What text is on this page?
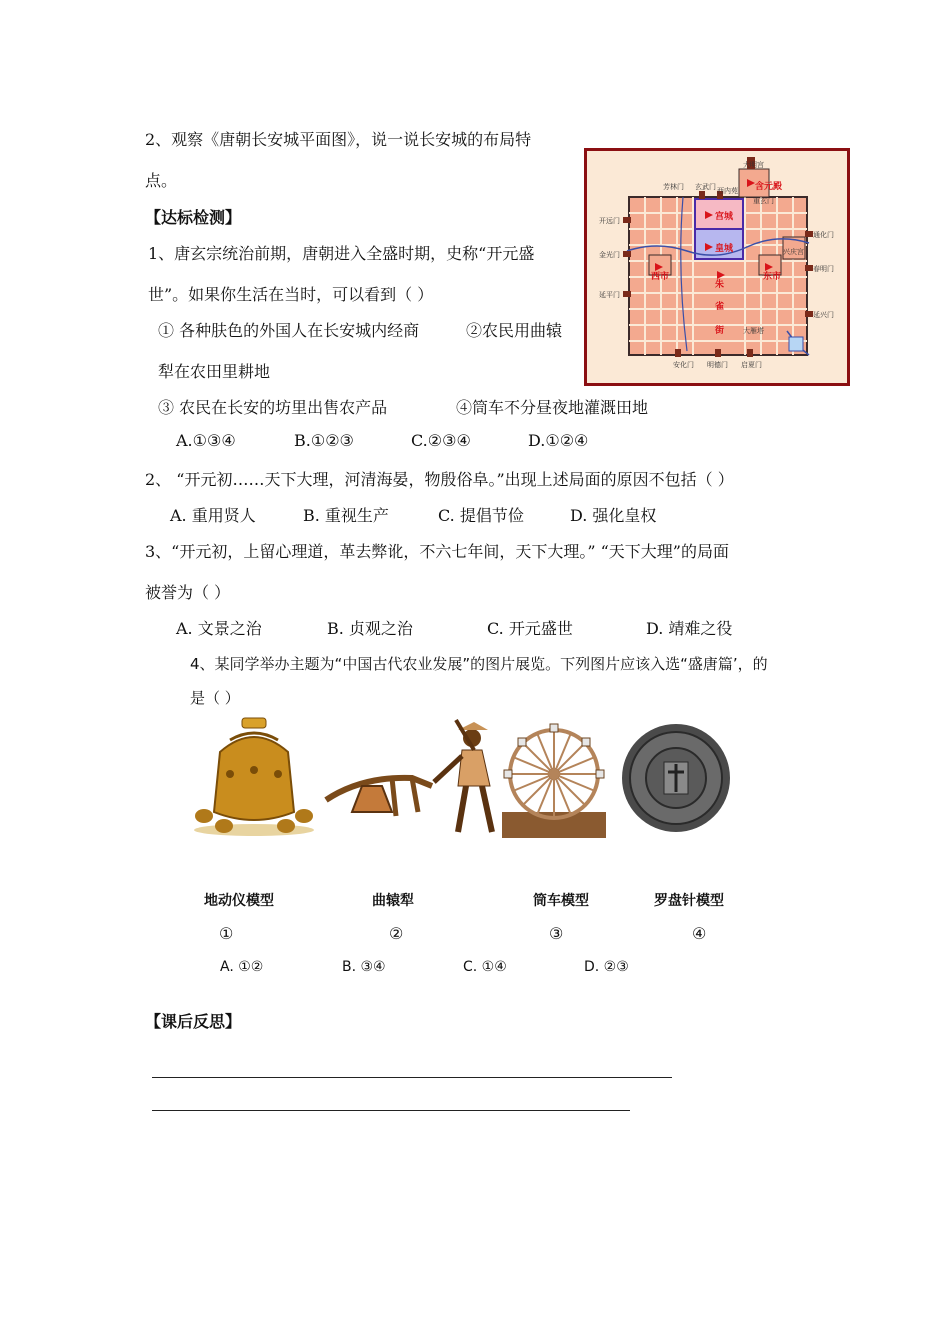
2、观察《唐朝长安城平面图》，说一说长安城的布局特
点。	芳林门 玄武门 西内苑
大明宫
重玄门
开远门
金光门
延平门
通化门
春明门
延兴门
安化门 明德门 启夏门
大雁塔
兴庆宫
含元殿
宫城
皇城
西市	东市
朱
雀
街
【达标检测】
1、唐玄宗统治前期，唐朝进入全盛时期，史称“开元盛
世”。如果你生活在当时，可以看到（ ）
① 各种肤色的外国人在长安城内经商	②农民用曲辕
犁在农田里耕地
③ 农民在长安的坊里出售农产品	④筒车不分昼夜地灌溉田地
A.①③④	B.①②③	C.②③④	D.①②④
2、 “开元初……天下大理，河清海晏，物殷俗阜。”出现上述局面的原因不包括（ ）
A. 重用贤人	B. 重视生产	C. 提倡节俭	D. 强化皇权
3、“开元初，上留心理道，革去弊讹，不六七年间，天下大理。” “天下大理”的局面
被誉为（ ）
A. 文景之治	B. 贞观之治	C. 开元盛世	D. 靖难之役
4、某同学举办主题为“中国古代农业发展”的图片展览。下列图片应该入选“盛唐篇’，的
是（ ）
地动仪模型	曲辕犁	筒车模型	罗盘针模型
①	②	③	④
A. ①②	B. ③④	C. ①④	D. ②③
【课后反思】
